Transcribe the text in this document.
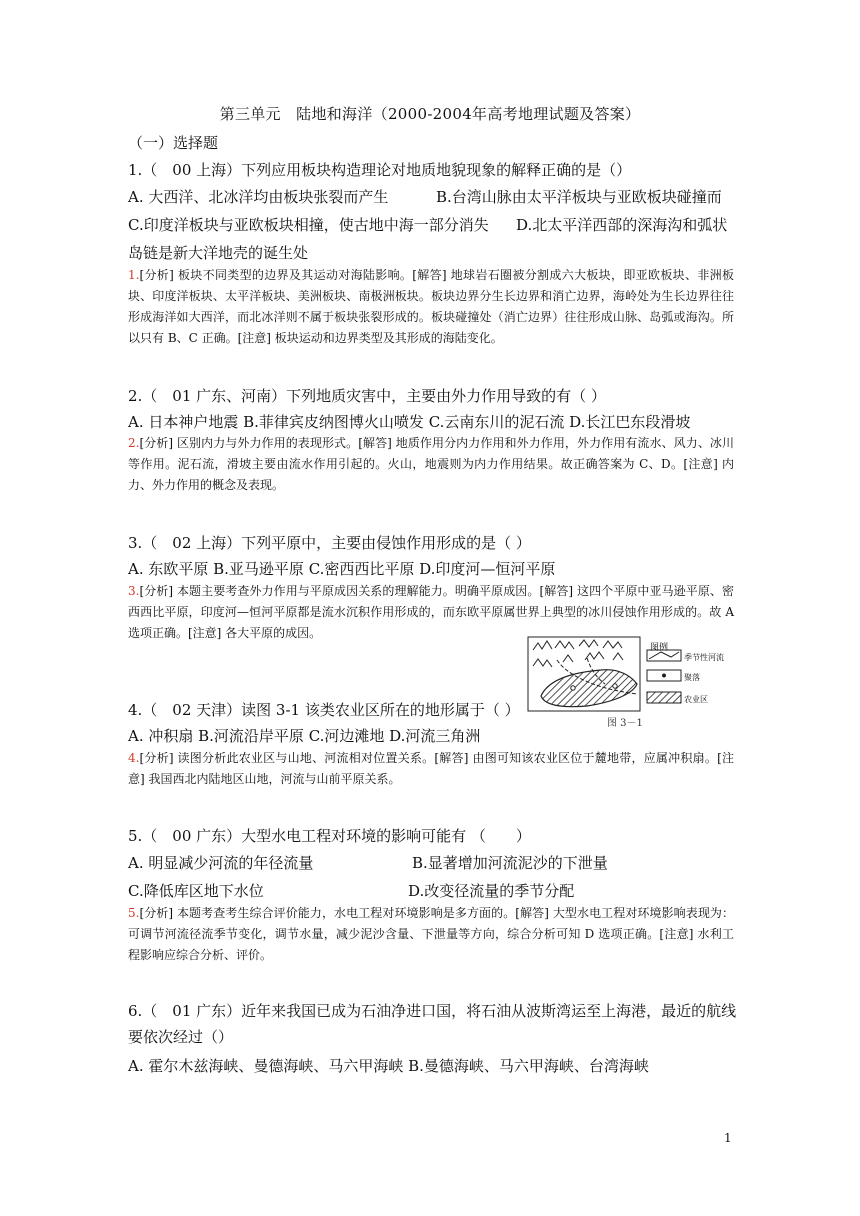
第三单元　陆地和海洋（2000-2004年高考地理试题及答案）
（一）选择题
1.（　00 上海）下列应用板块构造理论对地质地貌现象的解释正确的是（）
A. 大西洋、北冰洋均由板块张裂而产生	B.台湾山脉由太平洋板块与亚欧板块碰撞而
C.印度洋板块与亚欧板块相撞，使古地中海一部分消失 D.北太平洋西部的深海沟和弧状
岛链是新大洋地壳的诞生处

1.[分析] 板块不同类型的边界及其运动对海陆影响。[解答] 地球岩石圈被分割成六大板块，即亚欧板块、非洲板块、印度洋板块、太平洋板块、美洲板块、南极洲板块。板块边界分生长边界和消亡边界，海岭处为生长边界往往形成海洋如大西洋，而北冰洋则不属于板块张裂形成的。板块碰撞处（消亡边界）往往形成山脉、岛弧或海沟。所以只有 B、C 正确。[注意] 板块运动和边界类型及其形成的海陆变化。

2.（　01 广东、河南）下列地质灾害中，主要由外力作用导致的有（ ）
A. 日本神户地震 B.菲律宾皮纳图博火山喷发 C.云南东川的泥石流 D.长江巴东段滑坡

2.[分析] 区别内力与外力作用的表现形式。[解答] 地质作用分内力作用和外力作用，外力作用有流水、风力、冰川等作用。泥石流，滑坡主要由流水作用引起的。火山，地震则为内力作用结果。故正确答案为 C、D。[注意] 内力、外力作用的概念及表现。

3.（　02 上海）下列平原中，主要由侵蚀作用形成的是（ ）
A. 东欧平原 B.亚马逊平原 C.密西西比平原 D.印度河—恒河平原

3.[分析] 本题主要考查外力作用与平原成因关系的理解能力。明确平原成因。[解答] 这四个平原中亚马逊平原、密西西比平原，印度河—恒河平原都是流水沉积作用形成的，而东欧平原属世界上典型的冰川侵蚀作用形成的。故 A 选项正确。[注意] 各大平原的成因。

图例
季节性河流
聚落
农业区
图 3－1
4.（　02 天津）读图 3-1 该类农业区所在的地形属于（ ）
A. 冲积扇 B.河流沿岸平原 C.河边滩地 D.河流三角洲

4.[分析] 读图分析此农业区与山地、河流相对位置关系。[解答] 由图可知该农业区位于麓地带，应属冲积扇。[注意] 我国西北内陆地区山地，河流与山前平原关系。

5.（　00 广东）大型水电工程对环境的影响可能有 （　　）
A. 明显减少河流的年径流量	B.显著增加河流泥沙的下泄量
C.降低库区地下水位	D.改变径流量的季节分配

5.[分析] 本题考查考生综合评价能力，水电工程对环境影响是多方面的。[解答] 大型水电工程对环境影响表现为：可调节河流径流季节变化，调节水量，减少泥沙含量、下泄量等方向，综合分析可知 D 选项正确。[注意] 水利工程影响应综合分析、评价。

6.（　01 广东）近年来我国已成为石油净进口国，将石油从波斯湾运至上海港，最近的航线要依次经过（）
A. 霍尔木兹海峡、曼德海峡、马六甲海峡 B.曼德海峡、马六甲海峡、台湾海峡
1
